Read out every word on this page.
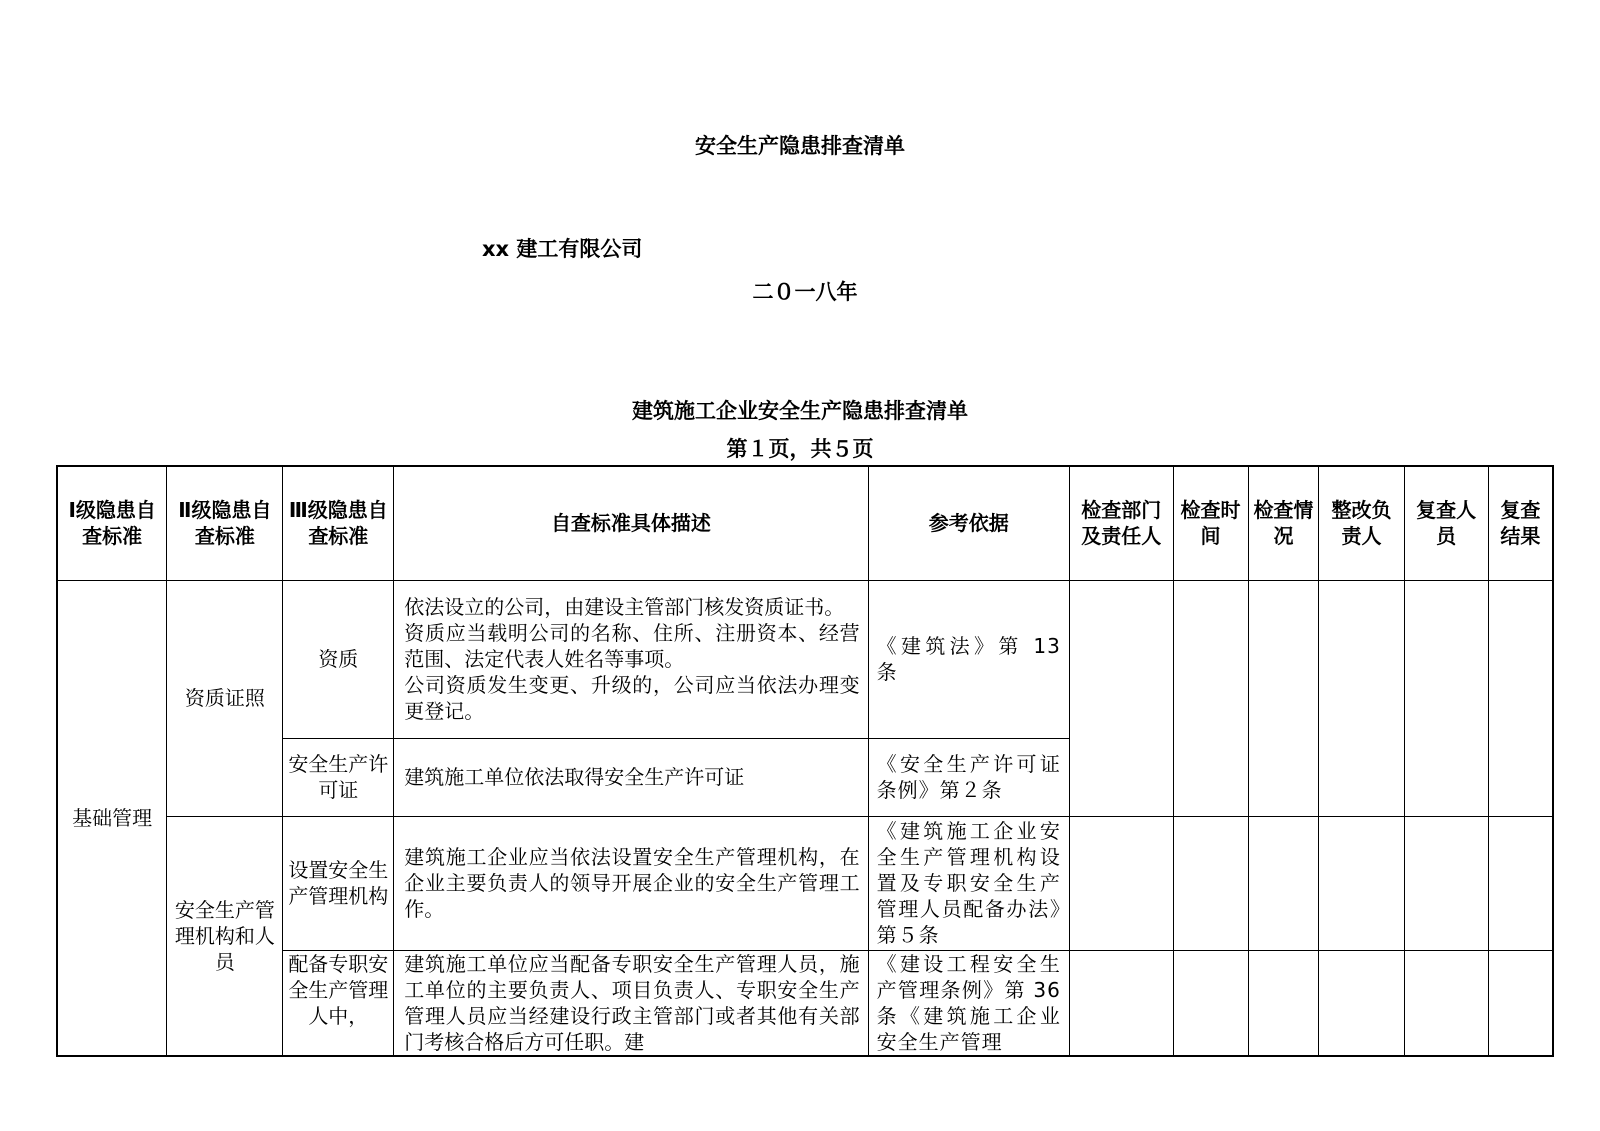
安全生产隐患排查清单
xx 建工有限公司
二０一八年
建筑施工企业安全生产隐患排查清单
第１页，共５页
Ⅰ级隐患自查标准	Ⅱ级隐患自查标准	Ⅲ级隐患自查标准	自查标准具体描述	参考依据	检查部门及责任人	检查时间	检查情况	整改负责人	复查人员	复查结果
基础管理	资质证照	资质	依法设立的公司，由建设主管部门核发资质证书。
资质应当载明公司的名称、住所、注册资本、经营范围、法定代表人姓名等事项。
公司资质发生变更、升级的，公司应当依法办理变更登记。	《建筑法》第 13 条						
		安全生产许可证	建筑施工单位依法取得安全生产许可证	《安全生产许可证条例》第２条						
	安全生产管理机构和人员	设置安全生产管理机构	建筑施工企业应当依法设置安全生产管理机构，在企业主要负责人的领导开展企业的安全生产管理工作。	《建筑施工企业安全生产管理机构设置及专职安全生产管理人员配备办法》第５条						

		配备专职安全生产管理人中，	建筑施工单位应当配备专职安全生产管理人员，施工单位的主要负责人、项目负责人、专职安全生产管理人员应当经建设行政主管部门或者其他有关部门考核合格后方可任职。建	《建设工程安全生产管理条例》第 36 条《建筑施工企业安全生产管理						
